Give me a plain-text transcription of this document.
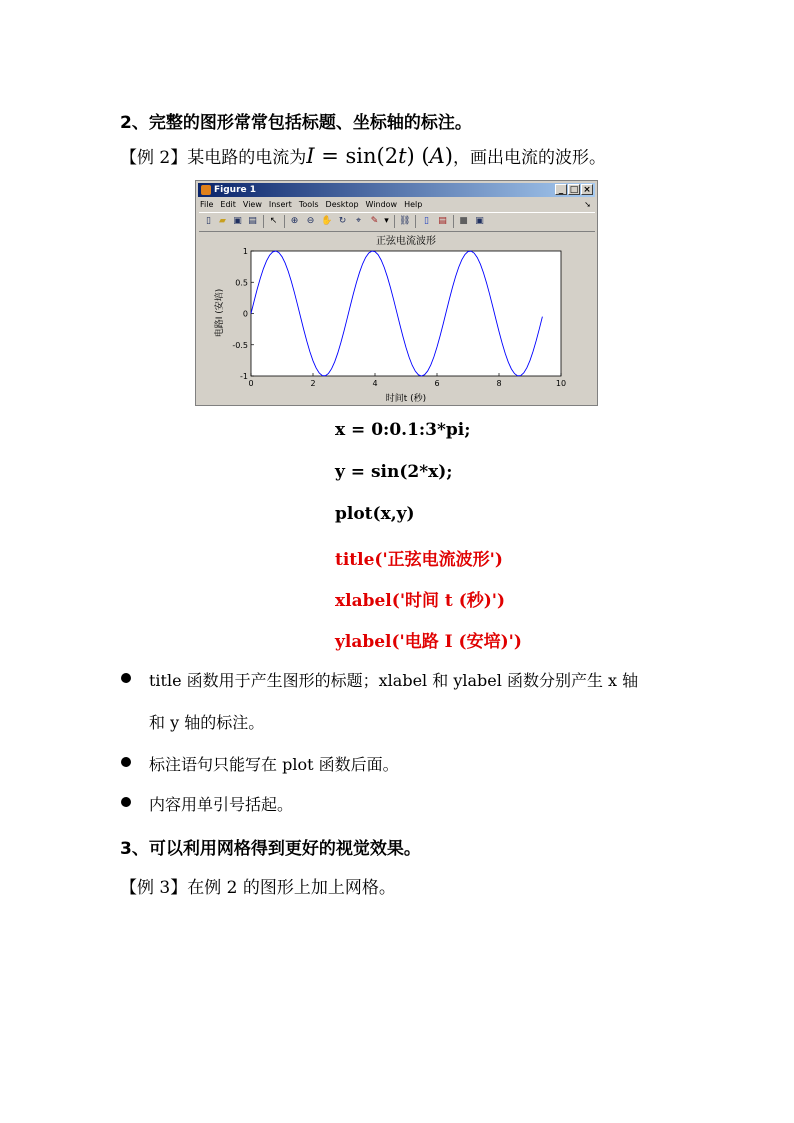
2、完整的图形常常包括标题、坐标轴的标注。
【例 2】某电路的电流为I = sin(2t) (A)，画出电流的波形。
Figure 1	_ □ ×
File Edit View Insert Tools Desktop Window Help	➘
▯ ▰ ▣ ▤ ↖ ⊕ ⊖ ✋ ↻	⌖	✎ ▾	⛓	▯	▤ ■ ▣
正弦电流波形
0	2	4	6	8	10
-1
-0.5
0
0.5
1
时间t (秒)
电路I (安培)
x = 0:0.1:3*pi;
y = sin(2*x);
plot(x,y)
title('正弦电流波形')
xlabel('时间 t (秒)')
ylabel('电路 I (安培)')
title 函数用于产生图形的标题；xlabel 和 ylabel 函数分别产生 x 轴
和 y 轴的标注。
标注语句只能写在 plot 函数后面。
内容用单引号括起。
3、可以利用网格得到更好的视觉效果。
【例 3】在例 2 的图形上加上网格。
